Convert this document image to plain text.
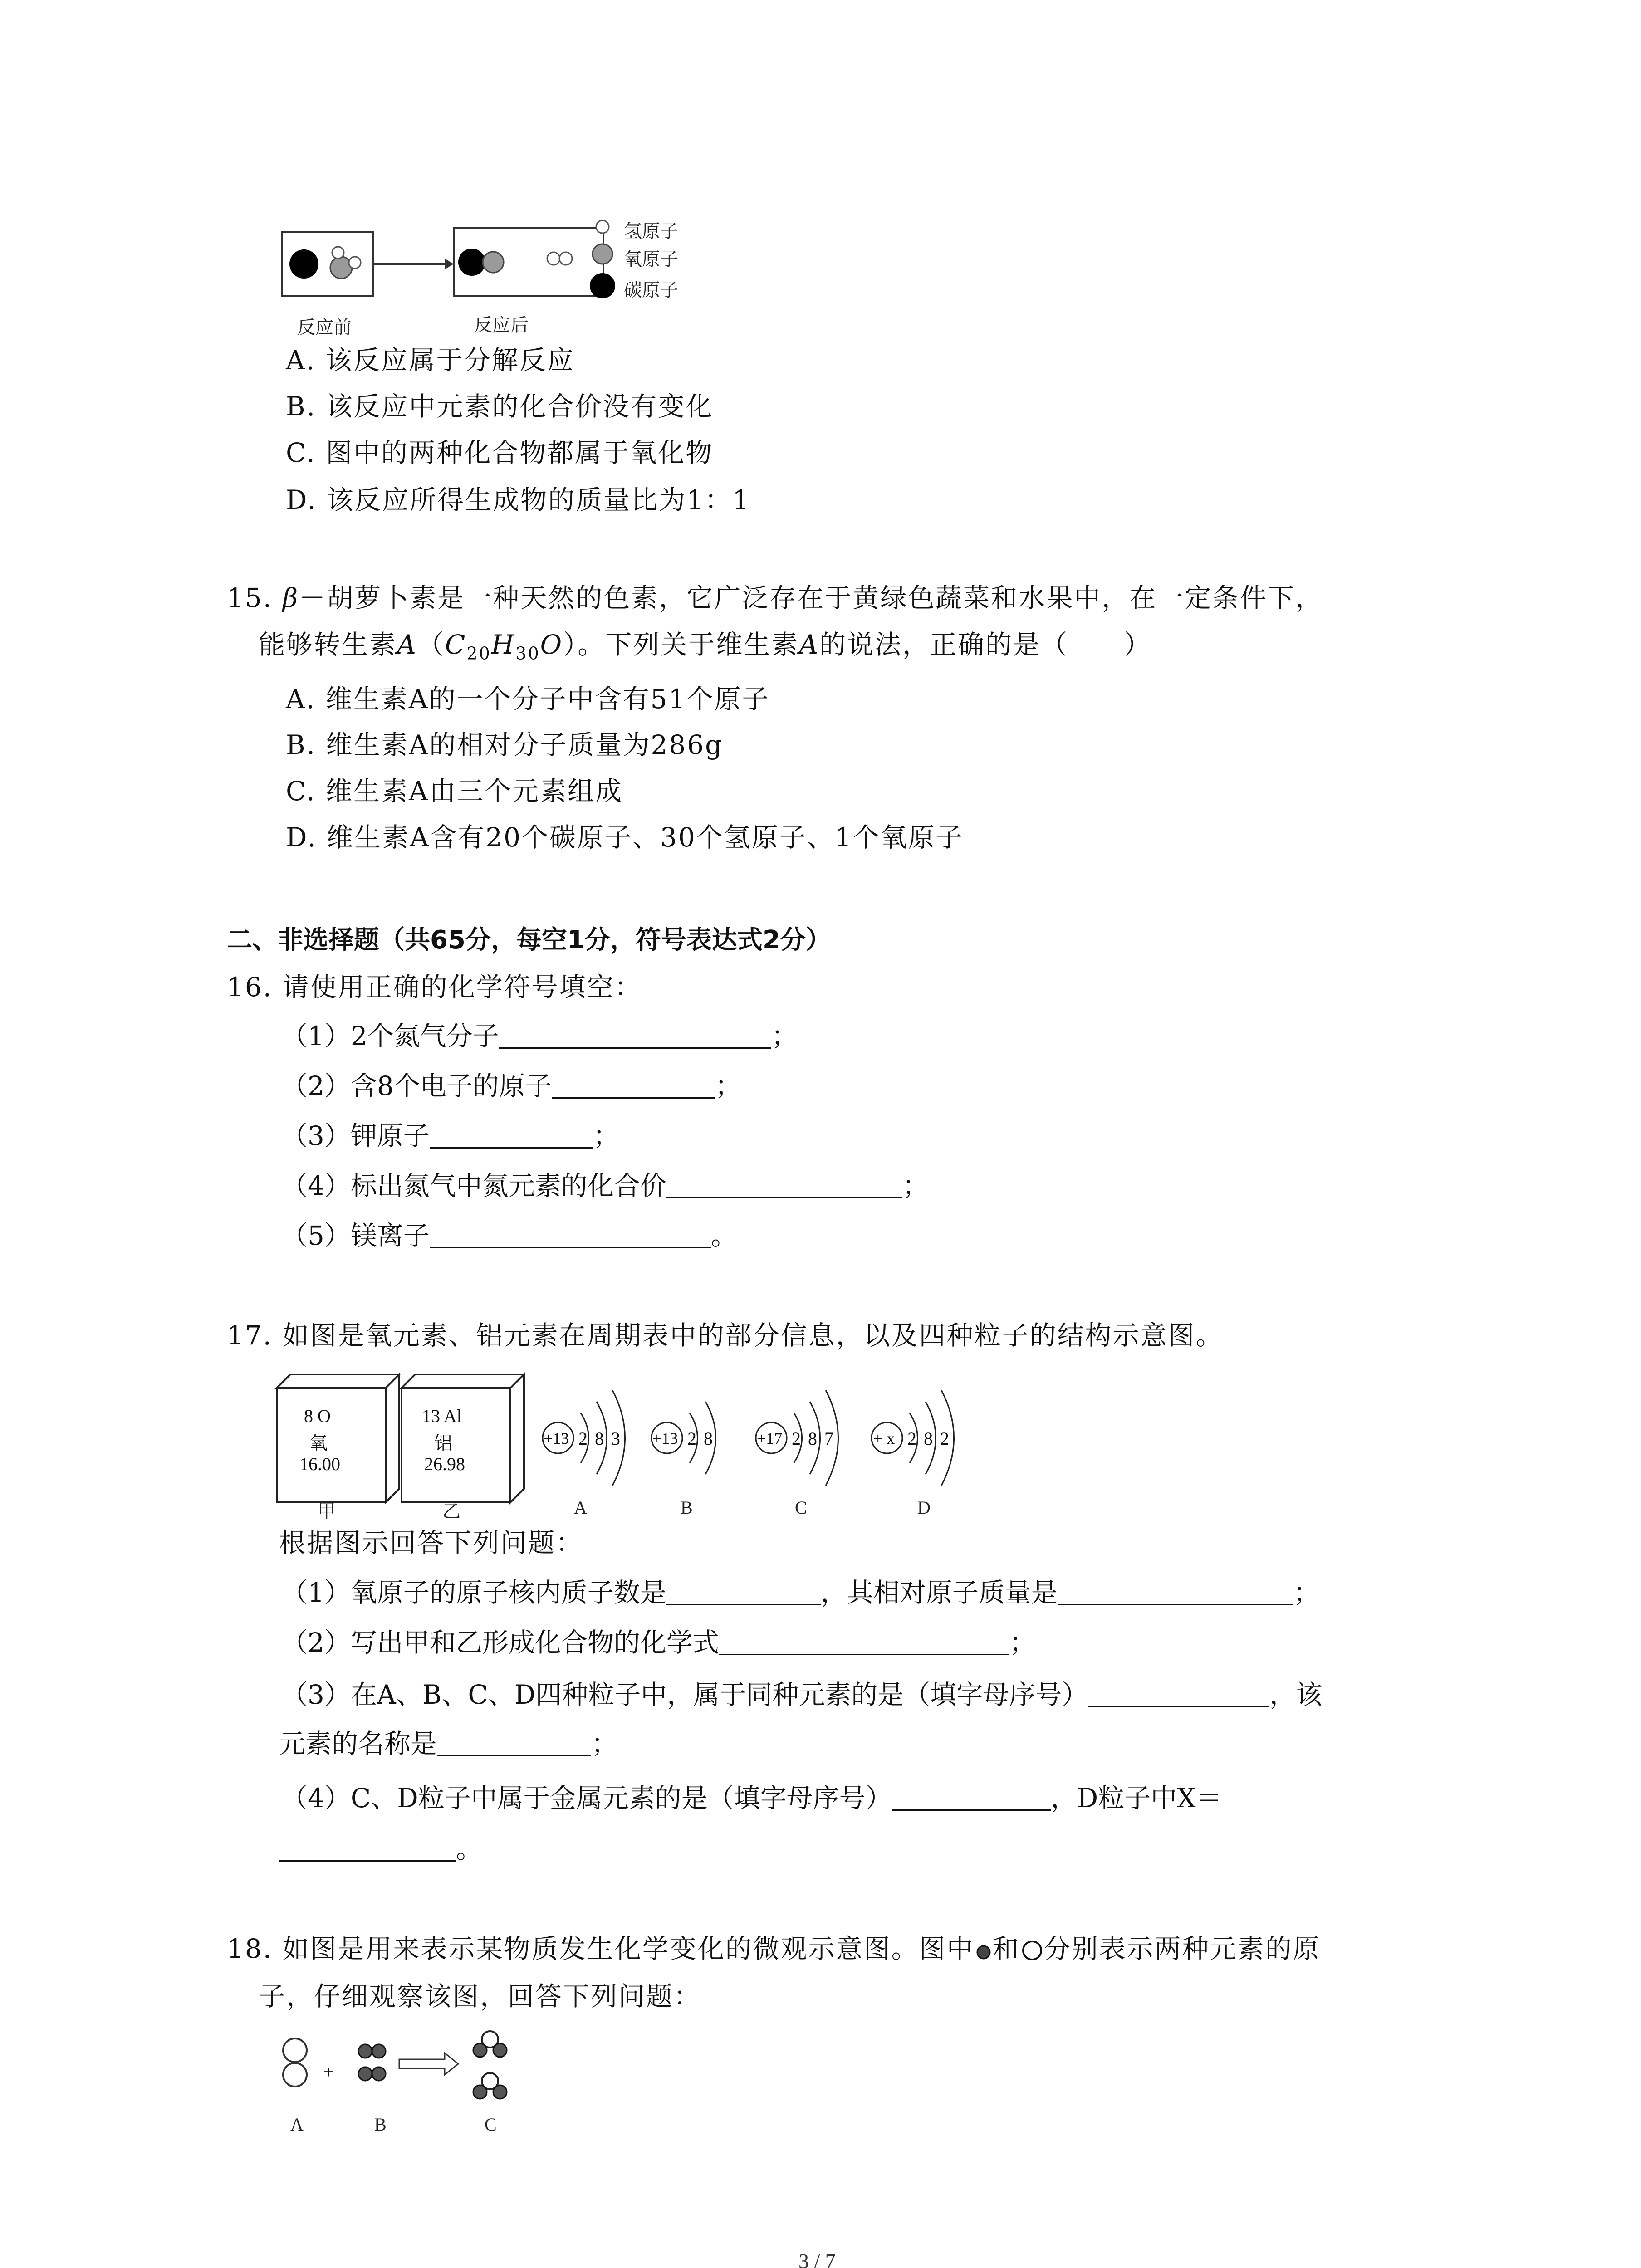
氢原子
氧原子
碳原子
反应前	反应后
A. 该反应属于分解反应
B. 该反应中元素的化合价没有变化
C. 图中的两种化合物都属于氧化物
D. 该反应所得生成物的质量比为1：1
15. β－胡萝卜素是一种天然的色素，它广泛存在于黄绿色蔬菜和水果中，在一定条件下，
能够转生素$A(C_{20}H_{30}O)$。下列关于维生素A的说法，正确的是（　　）
A. 维生素A的一个分子中含有51个原子
B. 维生素A的相对分子质量为286g
C. 维生素A由三个元素组成
D. 维生素A含有20个碳原子、30个氢原子、1个氧原子
二、非选择题（共65分，每空1分，符号表达式2分）
16. 请使用正确的化学符号填空：
（1）2个氮气分子	；
（2）含8个电子的原子	；
（3）钾原子	；
（4）标出氮气中氮元素的化合价	；
（5）镁离子	。
17. 如图是氧元素、铝元素在周期表中的部分信息，以及四种粒子的结构示意图。
8 O
氧
16.00
13 Al
铝
26.98
+13 2 8 3 +13 2 8	+17 2 8 7 + x 2 8 2
甲	乙	A	B	C	D
根据图示回答下列问题：
（1）氧原子的原子核内质子数是	，其相对原子质量是	；
（2）写出甲和乙形成化合物的化学式	；
（3）在A、B、C、D四种粒子中，属于同种元素的是（填字母序号）	，该
元素的名称是	；
（4）C、D粒子中属于金属元素的是（填字母序号）	，D粒子中X＝
。
18. 如图是用来表示某物质发生化学变化的微观示意图。图中 和 分别表示两种元素的原
子，仔细观察该图，回答下列问题：
+
A	B	C
3 / 7
